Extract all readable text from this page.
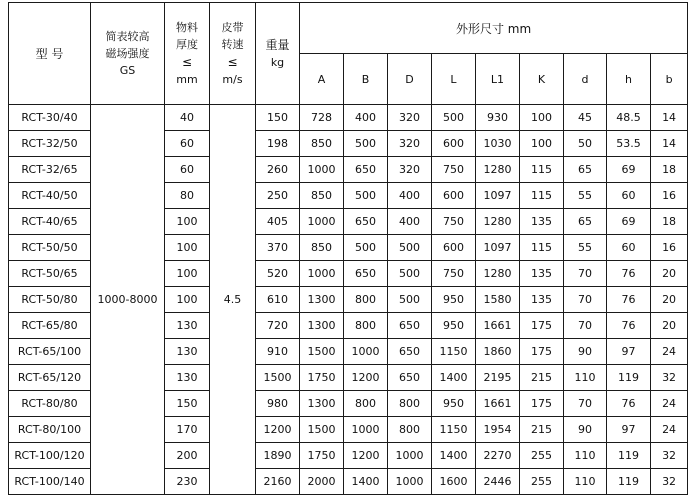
型 号	简表较高
磁场强度
GS	物料
厚度
≤
mm	皮带
转速
≤
m/s	重量
kg	外形尺寸 mm								
					A	B	D	L	L1	K	d	h	b
RCT-30/40	1000-8000	40	4.5	150	728	400	320	500	930	100	45	48.5	14
RCT-32/50		60		198	850	500	320	600	1030	100	50	53.5	14
RCT-32/65		60		260	1000	650	320	750	1280	115	65	69	18
RCT-40/50		80		250	850	500	400	600	1097	115	55	60	16
RCT-40/65		100		405	1000	650	400	750	1280	135	65	69	18
RCT-50/50		100		370	850	500	500	600	1097	115	55	60	16
RCT-50/65		100		520	1000	650	500	750	1280	135	70	76	20
RCT-50/80		100		610	1300	800	500	950	1580	135	70	76	20
RCT-65/80		130		720	1300	800	650	950	1661	175	70	76	20
RCT-65/100		130		910	1500	1000	650	1150	1860	175	90	97	24
RCT-65/120		130		1500	1750	1200	650	1400	2195	215	110	119	32
RCT-80/80		150		980	1300	800	800	950	1661	175	70	76	24
RCT-80/100		170		1200	1500	1000	800	1150	1954	215	90	97	24
RCT-100/120		200		1890	1750	1200	1000	1400	2270	255	110	119	32
RCT-100/140		230		2160	2000	1400	1000	1600	2446	255	110	119	32
